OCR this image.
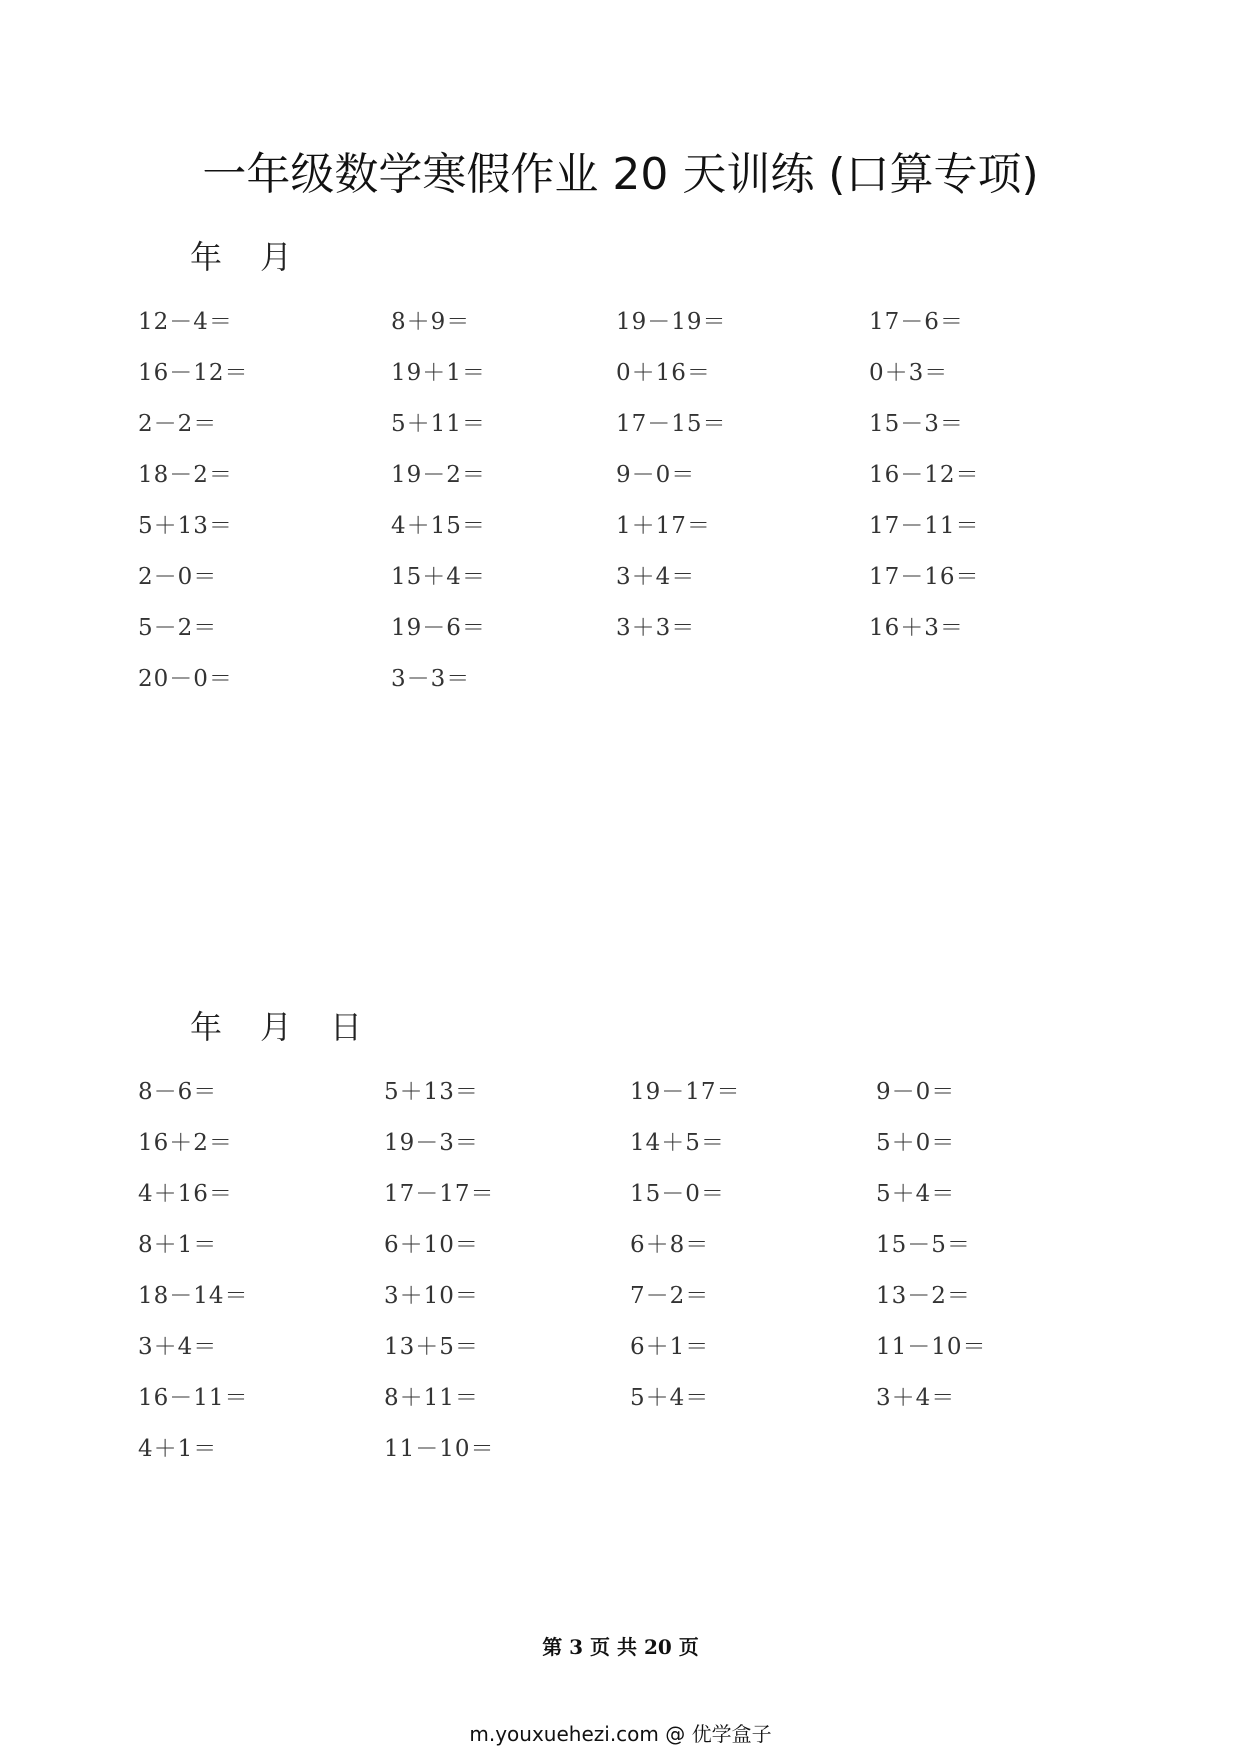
一年级数学寒假作业 20 天训练 (口算专项)
年 月
12－4＝	8＋9＝	19－19＝	17－6＝
16－12＝	19＋1＝	0＋16＝	0＋3＝
2－2＝	5＋11＝	17－15＝	15－3＝
18－2＝	19－2＝	9－0＝	16－12＝
5＋13＝	4＋15＝	1＋17＝	17－11＝
2－0＝	15＋4＝	3＋4＝	17－16＝
5－2＝	19－6＝	3＋3＝	16＋3＝
20－0＝	3－3＝
年 月 日
8－6＝	5＋13＝	19－17＝	9－0＝
16＋2＝	19－3＝	14＋5＝	5＋0＝
4＋16＝	17－17＝	15－0＝	5＋4＝
8＋1＝	6＋10＝	6＋8＝	15－5＝
18－14＝	3＋10＝	7－2＝	13－2＝
3＋4＝	13＋5＝	6＋1＝	11－10＝
16－11＝	8＋11＝	5＋4＝	3＋4＝
4＋1＝	11－10＝
第 3 页 共 20 页
m.youxuehezi.com @ 优学盒子
